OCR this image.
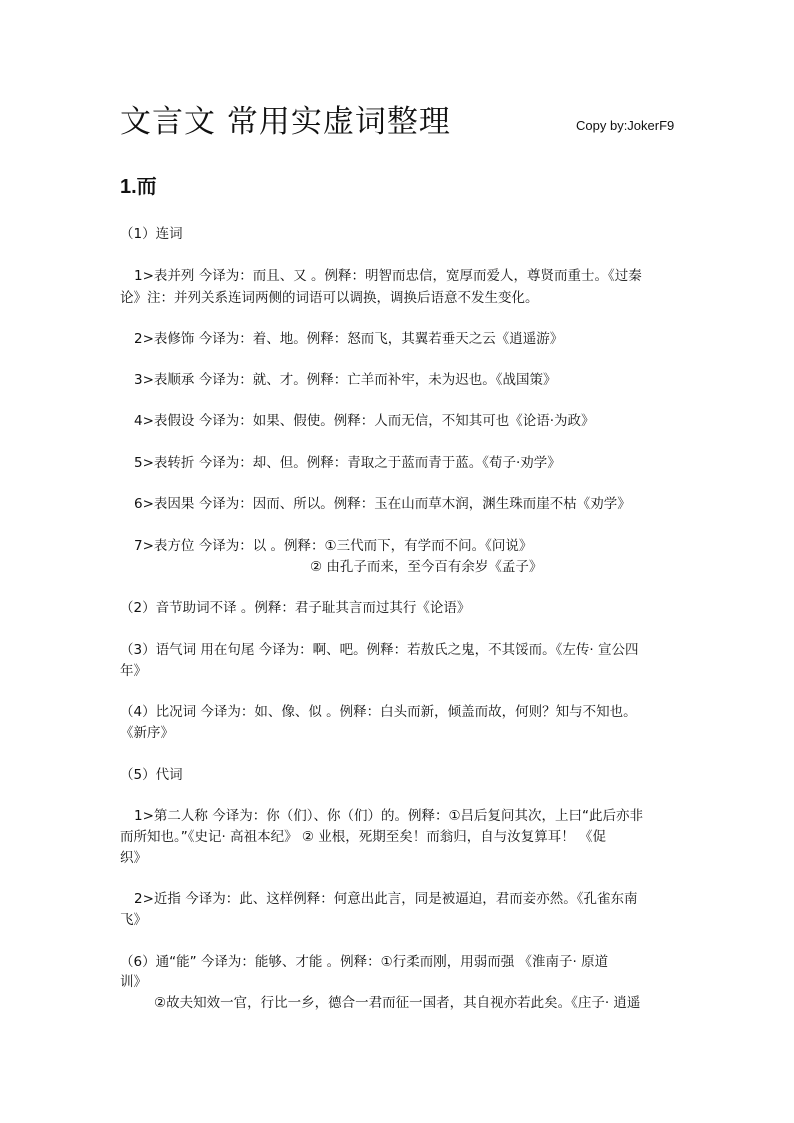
文言文 常用实虚词整理	Copy by:JokerF9
1.而
（1）连词
1>表并列 今译为：而且、又 。例释：明智而忠信，宽厚而爱人，尊贤而重士。《过秦
论》注：并列关系连词两侧的词语可以调换，调换后语意不发生变化。
2>表修饰 今译为：着、地。例释：怒而飞，其翼若垂天之云《逍遥游》
3>表顺承 今译为：就、才。例释：亡羊而补牢，未为迟也。《战国策》
4>表假设 今译为：如果、假使。例释：人而无信，不知其可也《论语·为政》
5>表转折 今译为：却、但。例释：青取之于蓝而青于蓝。《荀子·劝学》
6>表因果 今译为：因而、所以。例释：玉在山而草木润，渊生珠而崖不枯《劝学》
7>表方位 今译为：以 。例释：①三代而下，有学而不问。《问说》
② 由孔子而来，至今百有余岁《孟子》
（2）音节助词不译 。例释：君子耻其言而过其行《论语》
（3）语气词 用在句尾 今译为：啊、吧。例释：若敖氏之鬼，不其馁而。《左传· 宣公四
年》
（4）比况词 今译为：如、像、似 。例释：白头而新，倾盖而故，何则？知与不知也。
《新序》
（5）代词
1>第二人称 今译为：你（们）、你（们）的。例释：①吕后复问其次，上曰“此后亦非
而所知也。”《史记· 高祖本纪》 ② 业根，死期至矣！而翁归，自与汝复算耳！ 《促
织》
2>近指 今译为：此、这样例释：何意出此言，同是被逼迫，君而妾亦然。《孔雀东南
飞》
（6）通“能” 今译为：能够、才能 。例释：①行柔而刚，用弱而强 《淮南子· 原道
训》
②故夫知效一官，行比一乡，德合一君而征一国者，其自视亦若此矣。《庄子· 逍遥
